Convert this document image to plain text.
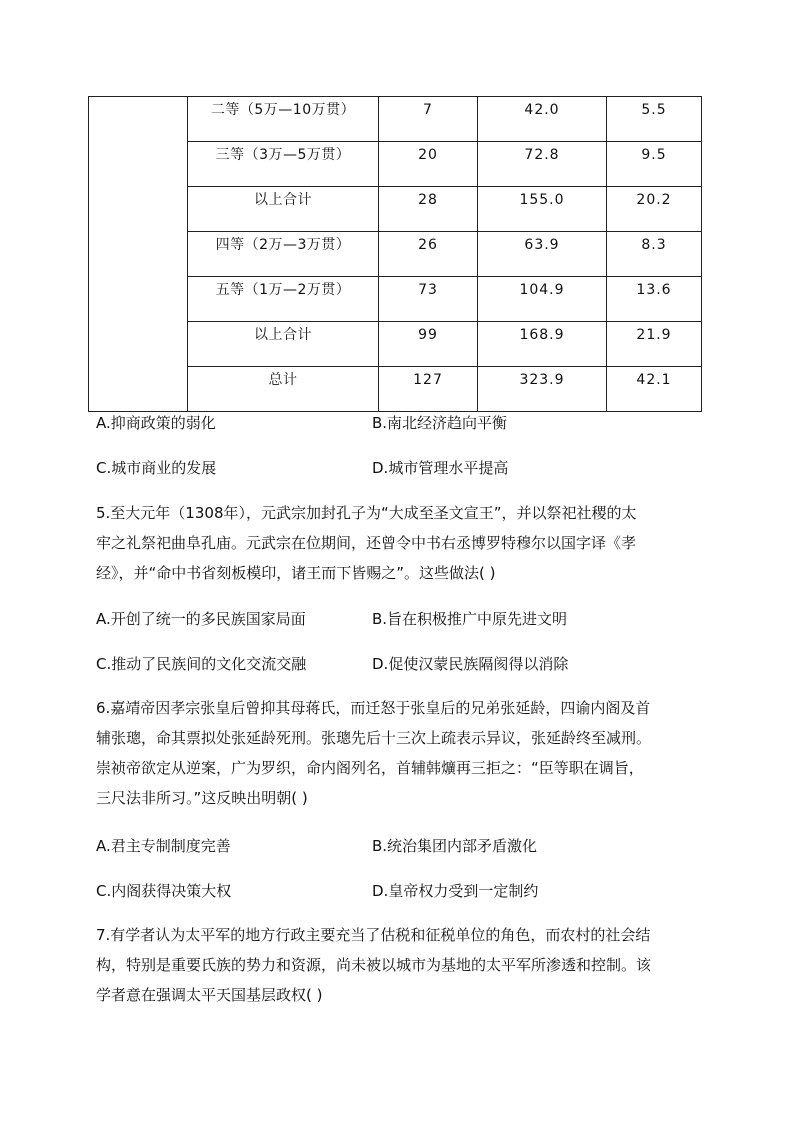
	二等（5万—10万贯）	7	42.0	5.5

	三等（3万—5万贯）	20	72.8	9.5

	以上合计	28	155.0	20.2

	四等（2万—3万贯）	26	63.9	8.3

	五等（1万—2万贯）	73	104.9	13.6

	以上合计	99	168.9	21.9

	总计	127	323.9	42.1
A.抑商政策的弱化	B.南北经济趋向平衡
C.城市商业的发展	D.城市管理水平提高
5.至大元年（1308年），元武宗加封孔子为“大成至圣文宣王”，并以祭祀社稷的太
牢之礼祭祀曲阜孔庙。元武宗在位期间，还曾令中书右丞博罗特穆尔以国字译《孝
经》，并“命中书省刻板模印，诸王而下皆赐之”。这些做法( )
A.开创了统一的多民族国家局面	B.旨在积极推广中原先进文明
C.推动了民族间的文化交流交融	D.促使汉蒙民族隔阂得以消除
6.嘉靖帝因孝宗张皇后曾抑其母蒋氏，而迁怒于张皇后的兄弟张延龄，四谕内阁及首
辅张璁，命其票拟处张延龄死刑。张璁先后十三次上疏表示异议，张延龄终至减刑。
崇祯帝欲定从逆案，广为罗织，命内阁列名，首辅韩爌再三拒之：“臣等职在调旨，
三尺法非所习。”这反映出明朝( )
A.君主专制制度完善	B.统治集团内部矛盾激化
C.内阁获得决策大权	D.皇帝权力受到一定制约
7.有学者认为太平军的地方行政主要充当了估税和征税单位的角色，而农村的社会结
构，特别是重要氏族的势力和资源，尚未被以城市为基地的太平军所渗透和控制。该
学者意在强调太平天国基层政权( )
